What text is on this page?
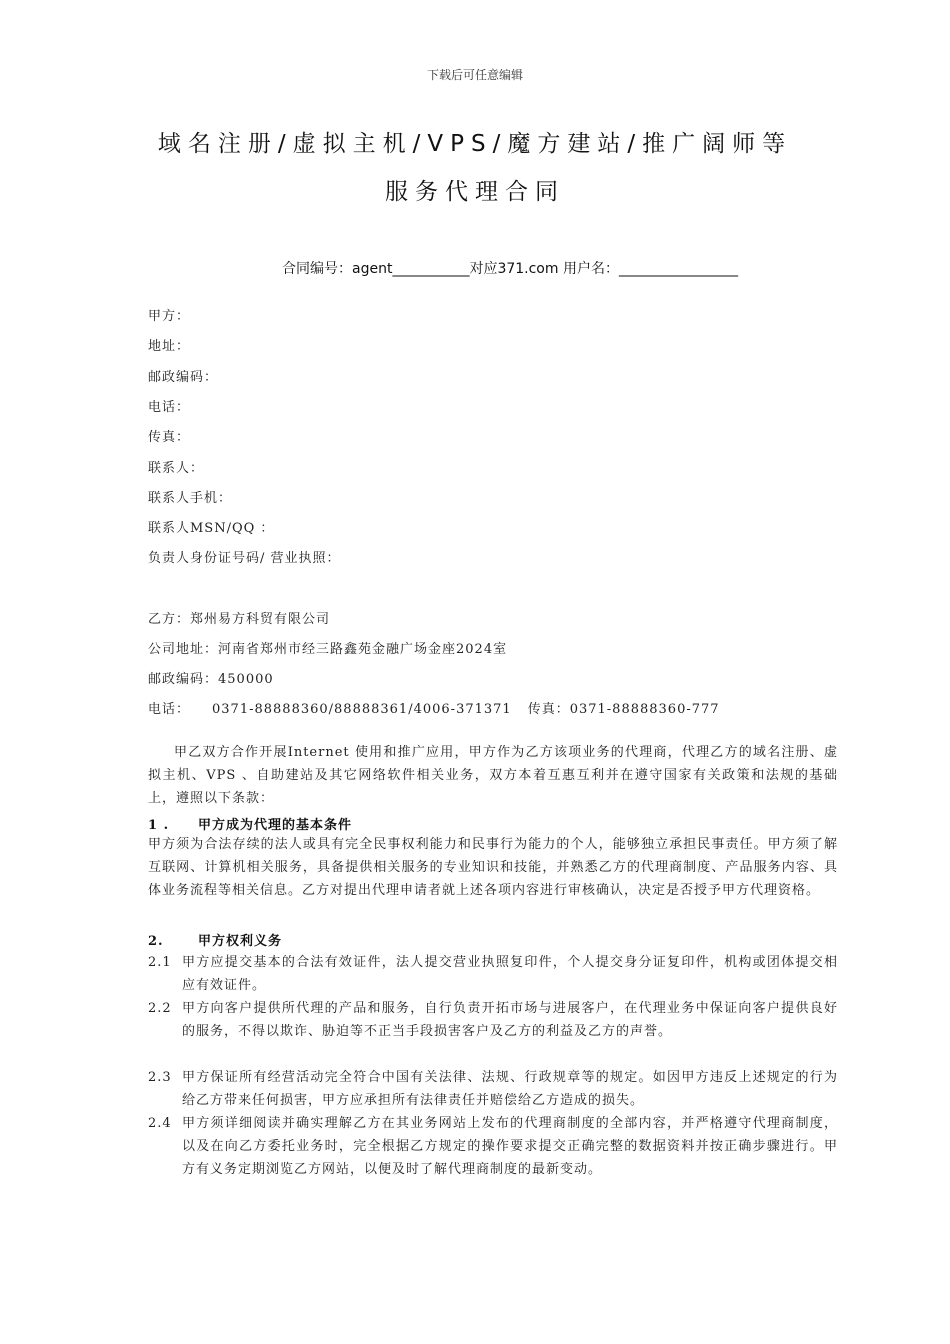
下载后可任意编辑
域名注册/虚拟主机/VPS/魔方建站/推广阔师等
服务代理合同
合同编号：agent___________对应371.com 用户名：_________________
甲方：
地址：
邮政编码：
电话：
传真：
联系人：
联系人手机：
联系人MSN/QQ ：
负责人身份证号码/ 营业执照：
乙方：郑州易方科贸有限公司
公司地址：河南省郑州市经三路鑫苑金融广场金座2024室
邮政编码：450000
电话： 0371-88888360/88888361/4006-371371 传真：0371-88888360-777
甲乙双方合作开展Internet 使用和推广应用，甲方作为乙方该项业务的代理商，代理乙方的域名注册、虚拟主机、VPS 、自助建站及其它网络软件相关业务，双方本着互惠互利并在遵守国家有关政策和法规的基础上，遵照以下条款：
1 . 甲方成为代理的基本条件
甲方须为合法存续的法人或具有完全民事权利能力和民事行为能力的个人，能够独立承担民事责任。甲方须了解互联网、计算机相关服务，具备提供相关服务的专业知识和技能，并熟悉乙方的代理商制度、产品服务内容、具体业务流程等相关信息。乙方对提出代理申请者就上述各项内容进行审核确认，决定是否授予甲方代理资格。
2.	甲方权利义务
2.1 甲方应提交基本的合法有效证件，法人提交营业执照复印件，个人提交身分证复印件，机构或团体提交相应有效证件。
2.2 甲方向客户提供所代理的产品和服务，自行负责开拓市场与进展客户，在代理业务中保证向客户提供良好的服务，不得以欺诈、胁迫等不正当手段损害客户及乙方的利益及乙方的声誉。
2.3 甲方保证所有经营活动完全符合中国有关法律、法规、行政规章等的规定。如因甲方违反上述规定的行为给乙方带来任何损害，甲方应承担所有法律责任并赔偿给乙方造成的损失。
2.4 甲方须详细阅读并确实理解乙方在其业务网站上发布的代理商制度的全部内容，并严格遵守代理商制度，以及在向乙方委托业务时，完全根据乙方规定的操作要求提交正确完整的数据资料并按正确步骤进行。甲方有义务定期浏览乙方网站，以便及时了解代理商制度的最新变动。
